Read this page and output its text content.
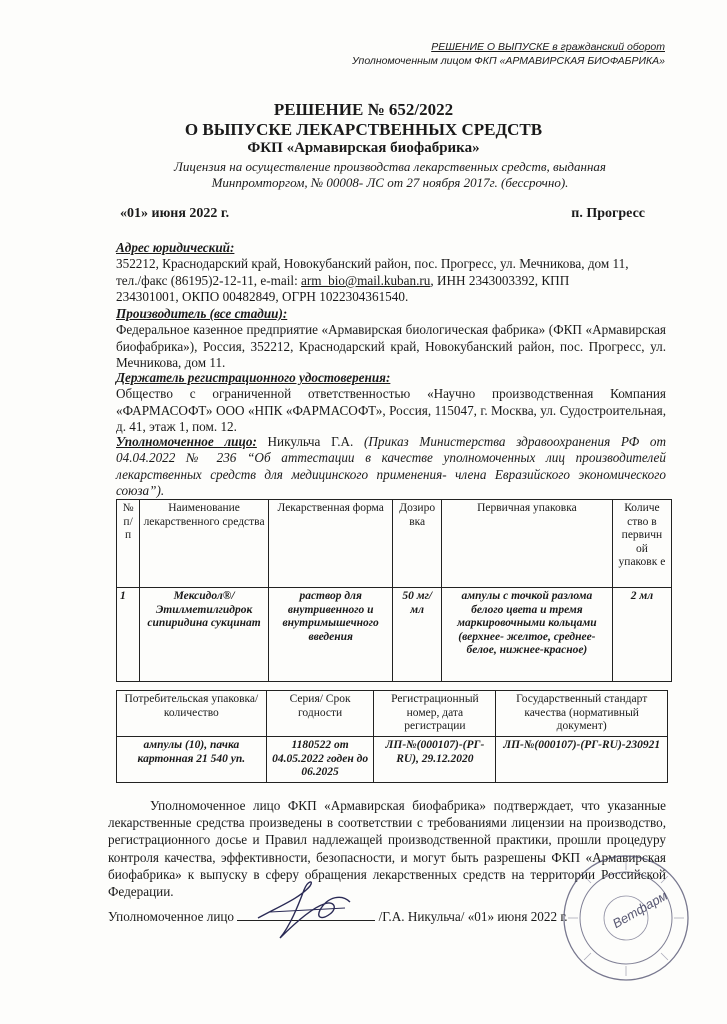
РЕШЕНИЕ О ВЫПУСКЕ в гражданский оборот
Уполномоченным лицом ФКП «АРМАВИРСКАЯ БИОФАБРИКА»
РЕШЕНИЕ № 652/2022
О ВЫПУСКЕ ЛЕКАРСТВЕННЫХ СРЕДСТВ
ФКП «Армавирская биофабрика»
Лицензия на осуществление производства лекарственных средств, выданная
Минпромторгом, № 00008- ЛС от 27 ноября 2017г. (бессрочно).
«01» июня 2022 г.	п. Прогресс
Адрес юридический:
352212, Краснодарский край, Новокубанский район, пос. Прогресс, ул. Мечникова, дом 11,
тел./факс (86195)2-12-11, e-mail: arm_bio@mail.kuban.ru, ИНН 2343003392, КПП
234301001, ОКПО 00482849, ОГРН 1022304361540.
Производитель (все стадии):
Федеральное казенное предприятие «Армавирская биологическая фабрика» (ФКП «Армавирская биофабрика»), Россия, 352212, Краснодарский край, Новокубанский район, пос. Прогресс, ул. Мечникова, дом 11.
Держатель регистрационного удостоверения:
Общество с ограниченной ответственностью «Научно производственная Компания «ФАРМАСОФТ» ООО «НПК «ФАРМАСОФТ», Россия, 115047, г. Москва, ул. Судостроительная, д. 41, этаж 1, пом. 12.
Уполномоченное лицо: Никульча Г.А. (Приказ Министерства здравоохранения РФ от 04.04.2022 № 236 “Об аттестации в качестве уполномоченных лиц производителей лекарственных средств для медицинского применения- члена Евразийского экономического союза”).
№ п/ п	Наименование лекарственного средства	Лекарственная форма	Дозиро вка	Первичная упаковка	Количе ство в первичн ой упаковк е
1	Мексидол®/ Этилметилгидрок сипиридина сукцинат	раствор для внутривенного и внутримышечного введения	50 мг/мл	ампулы с точкой разлома белого цвета и тремя маркировочными кольцами (верхнее- желтое, среднее-белое, нижнее-красное)	2 мл
Потребительская упаковка/количество	Серия/ Срок годности	Регистрационный номер, дата регистрации	Государственный стандарт качества (нормативный документ)
ампулы (10), пачка картонная 21 540 уп.	1180522 от 04.05.2022 годен до 06.2025	ЛП-№(000107)-(РГ-RU), 29.12.2020	ЛП-№(000107)-(РГ-RU)-230921
Уполномоченное лицо ФКП «Армавирская биофабрика» подтверждает, что указанные лекарственные средства произведены в соответствии с требованиями лицензии на производство, регистрационного досье и Правил надлежащей производственной практики, прошли процедуру контроля качества, эффективности, безопасности, и могут быть разрешены ФКП «Армавирская биофабрика» к выпуску в сферу обращения лекарственных средств на территории Российской Федерации.
Уполномоченное лицо	/Г.А. Никульча/ «01» июня 2022 г.	Ветфарм
